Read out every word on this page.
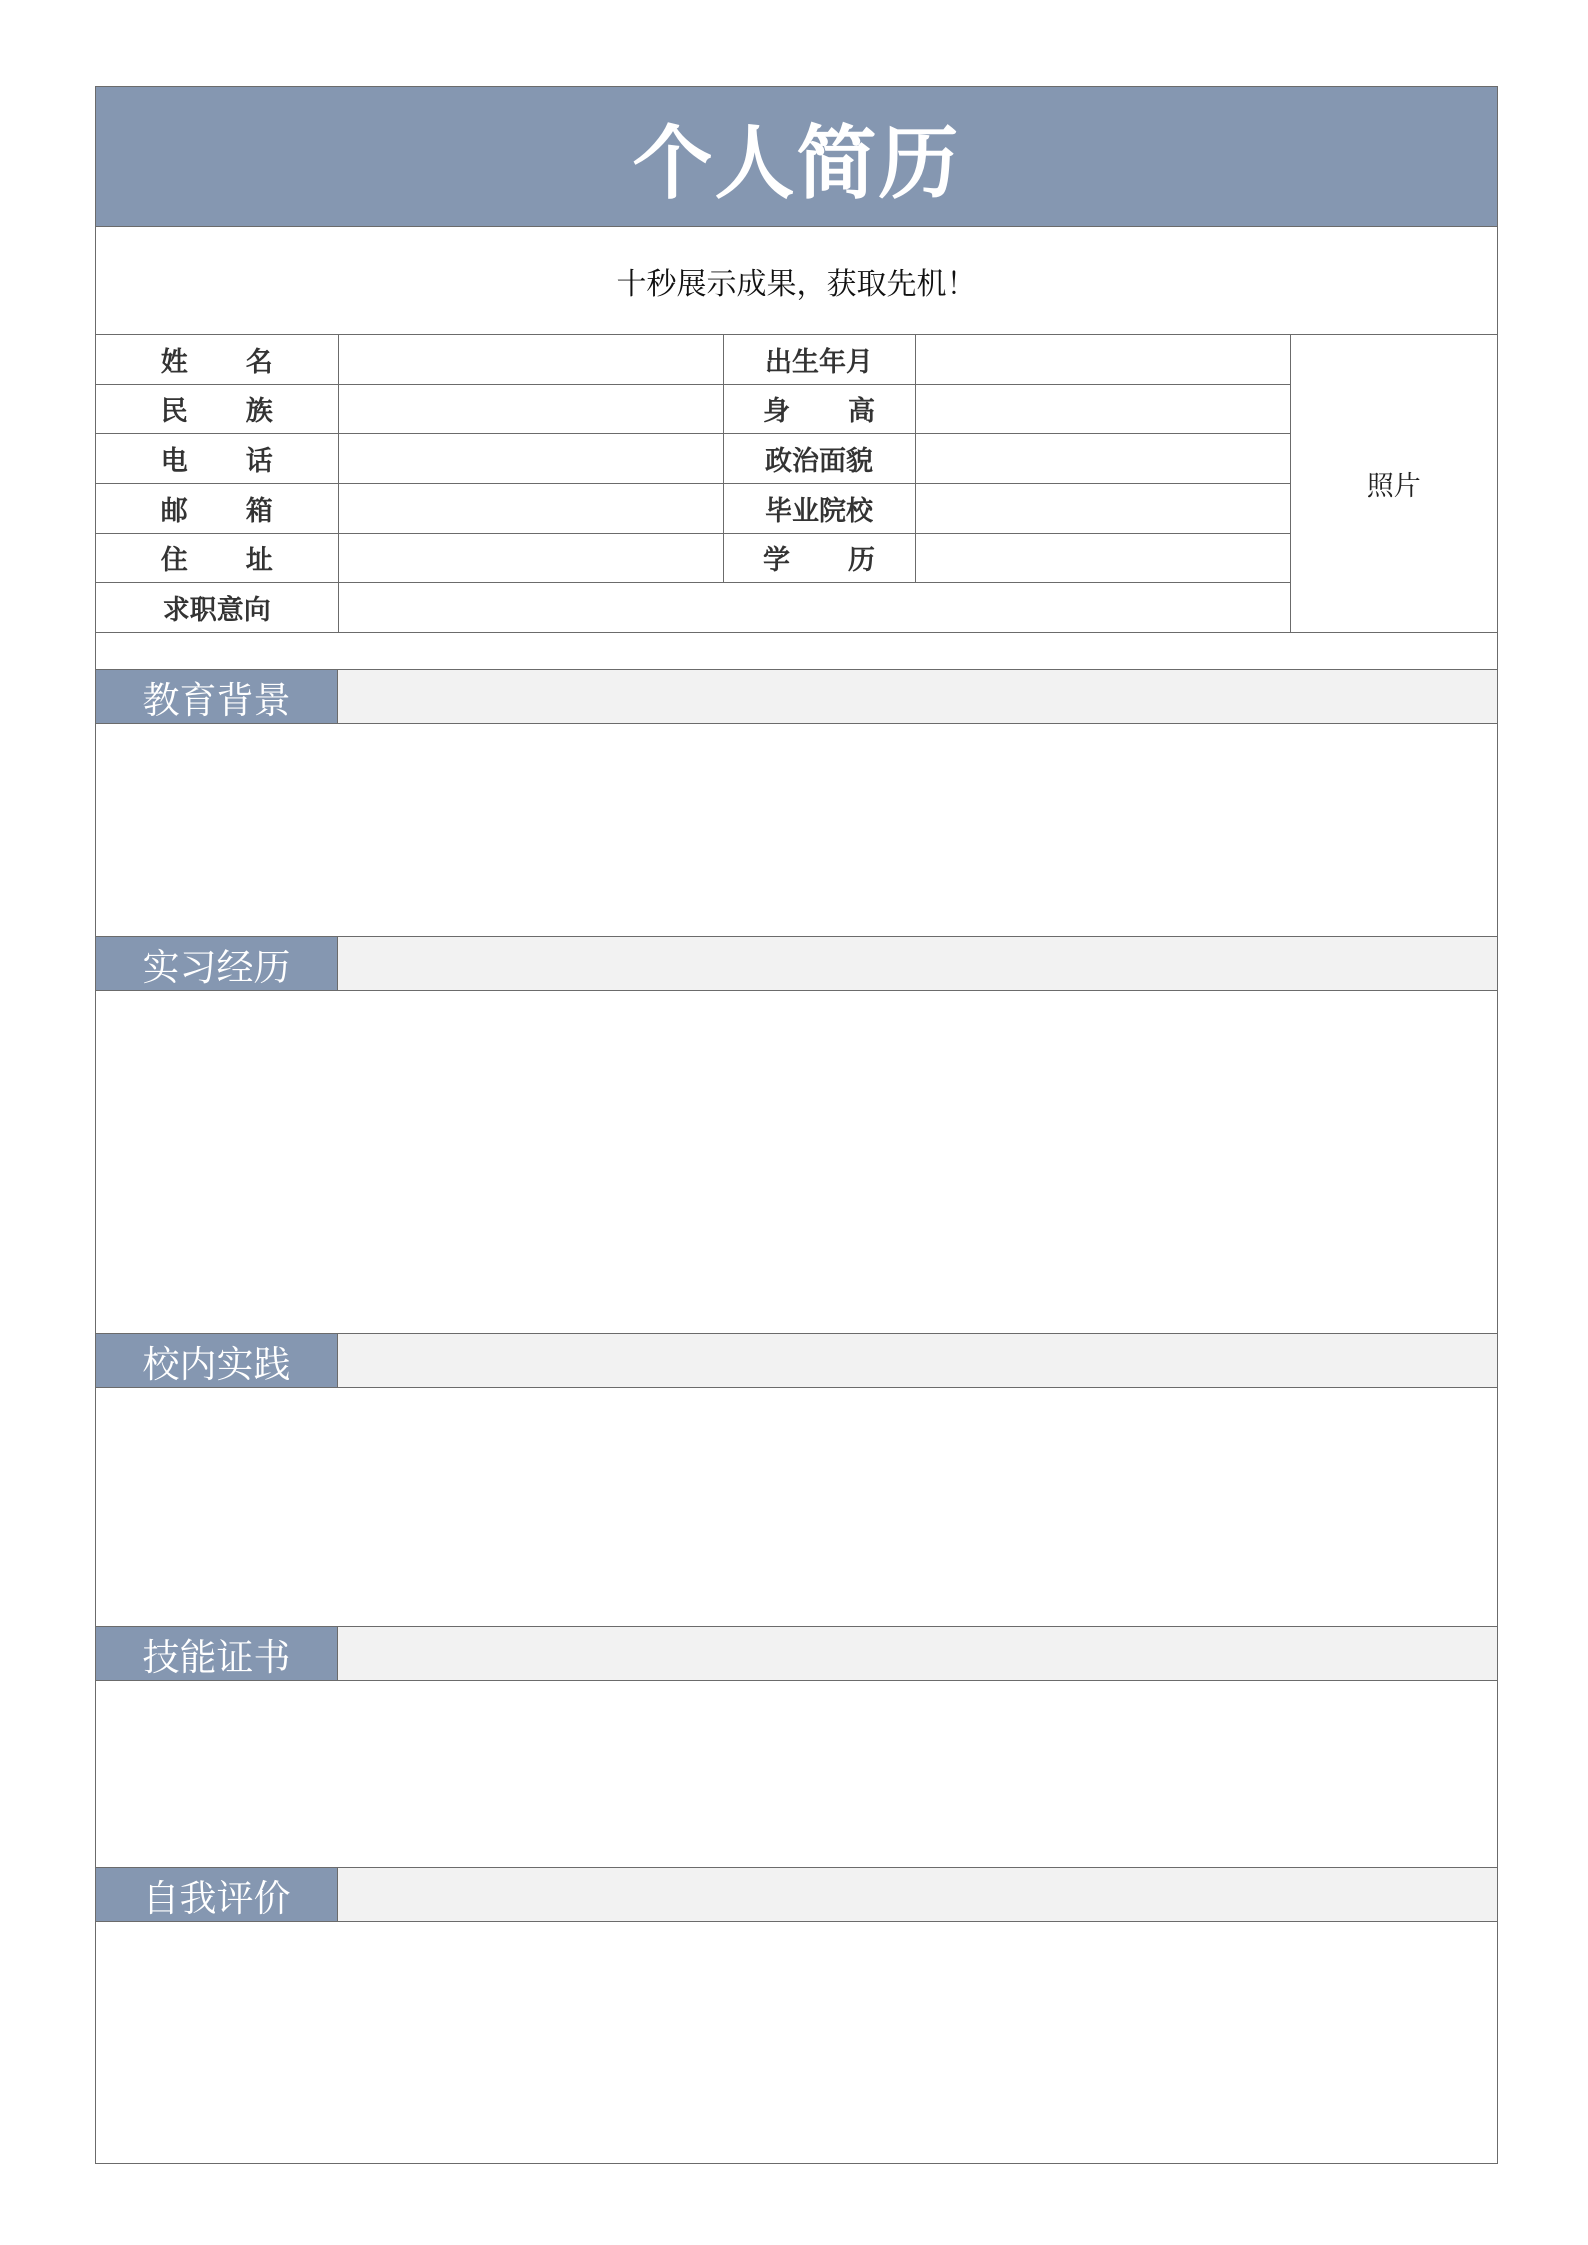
个人简历
十秒展示成果，获取先机！
姓 名		出生年月		照片

民 族		身 高		

电 话		政治面貌		

邮 箱		毕业院校		

住 址		学 历		

求职意向				

教育背景
实习经历
校内实践
技能证书
自我评价
